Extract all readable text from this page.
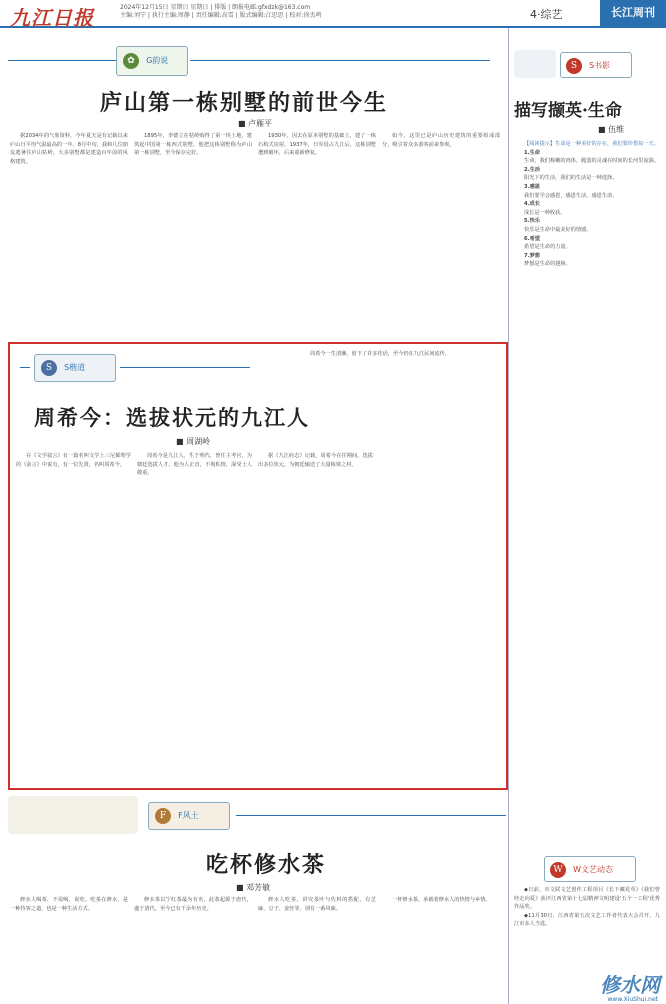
九江日报	2024年12月15日 星期日 星期日 | 排版 | 朗报电邮:gfxdzk@163.com
主编:刘宁 | 执行主编:周静 | 责任编辑:高雪 | 版式编辑:江思思 | 校对:徐杰鸣	4·综艺	长江周刊
✿ G韵说
庐山第一栋别墅的前世今生
■ 卢雁平

据2034年的气象资料，今年夏天是有记载以来庐山日平均气温最高的一年。8月中旬，我和几位朋友逃暑往庐山牯岭，大多别墅都是建造百年前的风格建筑。

1895年，李德立在牯岭购得了第一块土地，建筑起中国第一栋西式别墅。他把这栋别墅称为庐山第一栋别墅，至今保存完好。

1930年，因去在原本别墅的基础上，建了一栋石构式房屋。1937年，日军侵占九江后，这栋别墅遭到破坏，后来重新修复。

如今，这里已是庐山历史建筑的重要组成部分，吸引着众多游客前来参观。

S S楷道
周希今：选拔状元的九江人
■ 周湖岭

在《文学叙言》有一篇名叫文学上三尼都理学的《前言》中说有，有一位先贤，名叫周希今。

周希今是九江人，生于明代，曾任主考官，为朝廷选拔人才。他为人正直，不徇私情，深受士人敬重。

据《九江府志》记载，周希今在任期间，选拔出多位状元，为朝廷输送了大量栋梁之材。

周希今一生清廉，留下了许多佳话，至今仍在九江民间流传。

F F风土
吃杯修水茶
■ 邓芳敏

修水人喝茶，不说喝，说吃。吃茶在修水，是一种待客之道，也是一种生活方式。

修水茶以宁红茶最为有名，此茶起源于唐代，盛于清代，至今已有千余年历史。

修水人吃茶，讲究茶叶与佐料的搭配，有芝麻、豆子、姜丝等，别有一番风味。

一杯修水茶，承载着修水人的热情与乡情。

S S书影
描写撷英·生命
■ 伍维

【阅读提示】生命是一种美好的存在，我们要珍惜每一天。

1.生命

生命，我们称嫩的肉体，脆弱的灵魂在时间的长河里流淌。

2.生活

阳光下的生活，我们的生活是一种选择。

3.感恩

我们要学会感恩，感恩生活，感恩生命。

4.成长

成长是一种收获。

5.快乐

快乐是生命中最美好的情感。

6.希望

希望是生命的力量。

7.梦想

梦想是生命的翅膀。

W W文艺动态

◆日前，市文联文艺创作工程项目《长下藏花草》《我们曾经走向爱》获评江西省第十七届精神文明建设'五个一工程'优秀作品奖。

◆11月30日，江西省第五次文艺工作者代表大会召开，九江市多人当选。

修水网
www.XiuShui.net
